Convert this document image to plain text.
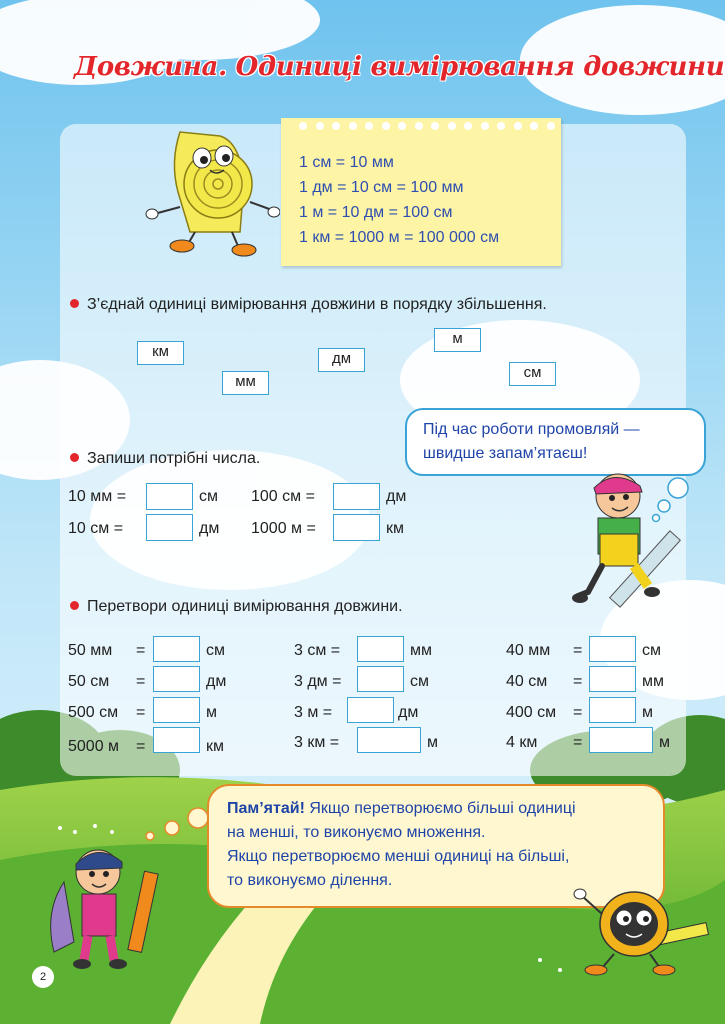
Довжина. Одиниці вимірювання довжини
1 см = 10 мм
1 дм = 10 см = 100 мм
1 м = 10 дм = 100 см
1 км = 1000 м = 100 000 см
З’єднай одиниці вимірювання довжини в порядку збільшення.
км
мм
дм
м
см
Під час роботи промовляй — швидше запам’ятаєш!
Запиши потрібні числа.
10 мм =	см 100 см =	дм
10 см =	дм 1000 м =	км
Перетвори одиниці вимірювання довжини.
50 мм =	см
50 см =	дм
500 см =	м
5000 м =	км
3 см =	мм
3 дм =	см
3 м =	дм
3 км =	м
40 мм =	см
40 см =	мм
400 см =	м
4 км =	м
Пам’ятай! Якщо перетворюємо більші одиниці
на менші, то виконуємо множення.
Якщо перетворюємо менші одиниці на більші,
то виконуємо ділення.
2
